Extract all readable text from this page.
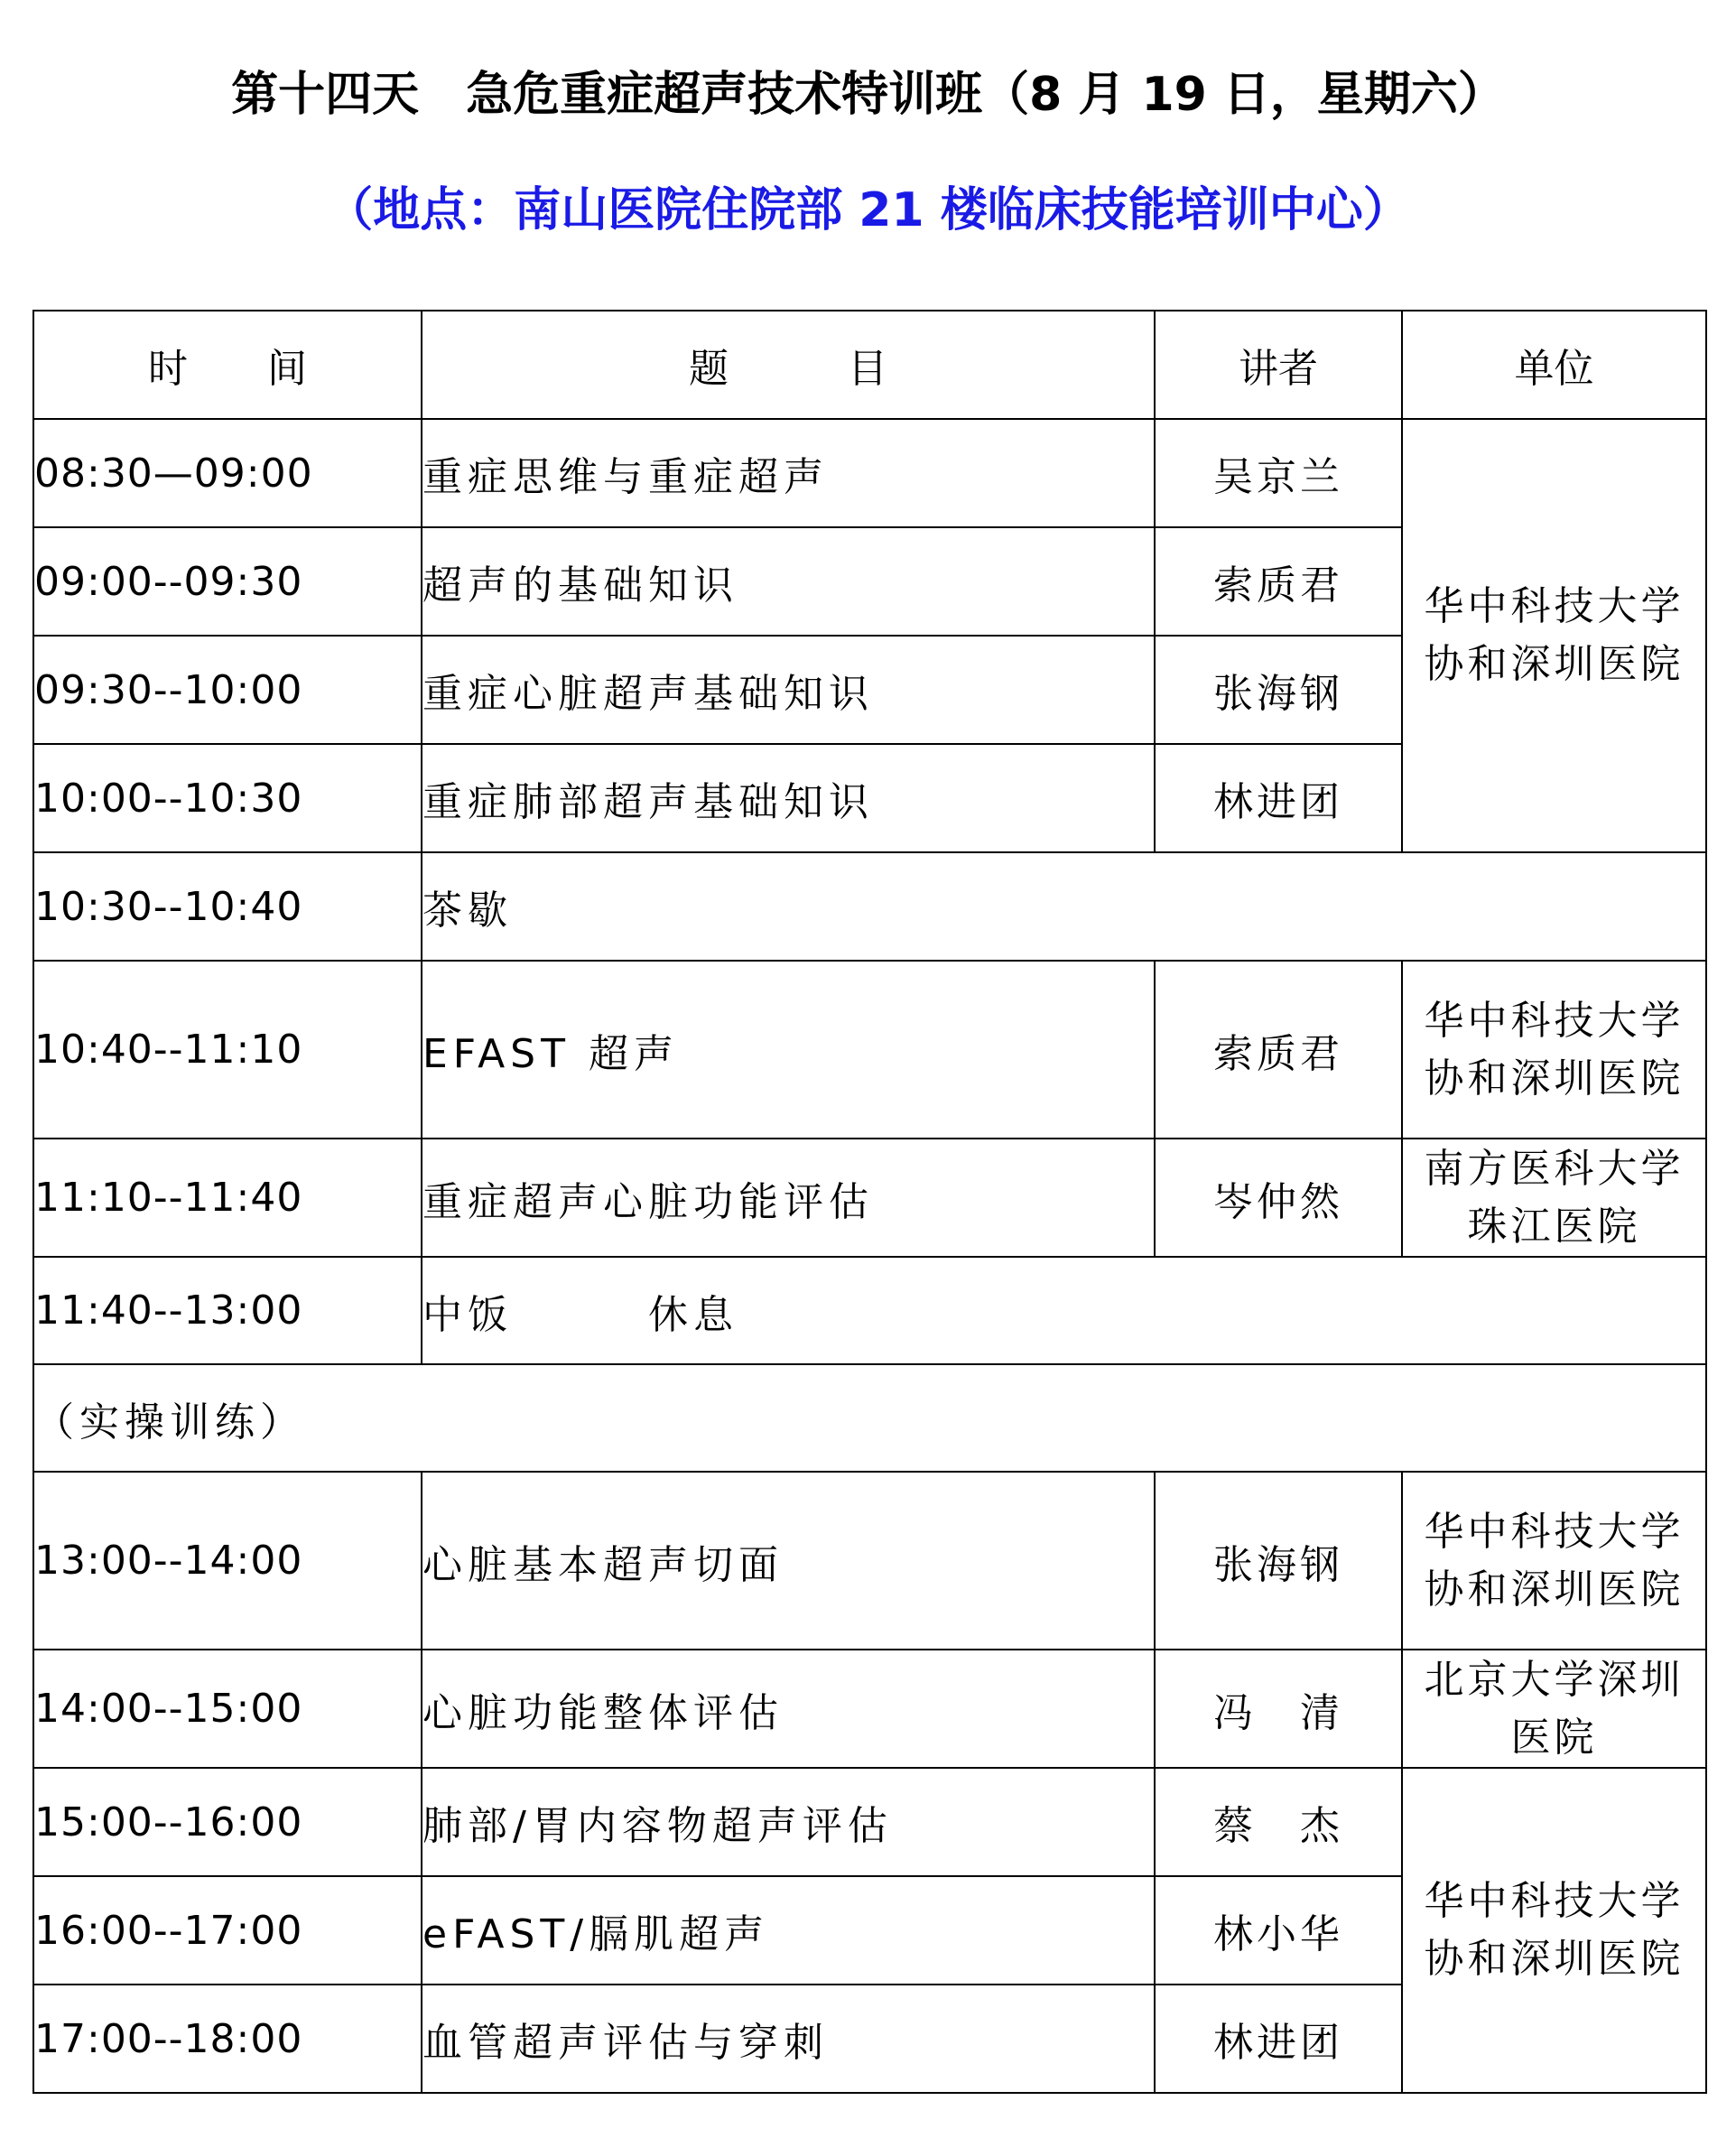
第十四天　急危重症超声技术特训班（8 月 19 日，星期六）
（地点：南山医院住院部 21 楼临床技能培训中心）
时　　间	题　　　目	讲者	单位
08:30—09:00	重症思维与重症超声	吴京兰	华中科技大学协和深圳医院
09:00--09:30	超声的基础知识	索质君	
09:30--10:00	重症心脏超声基础知识	张海钢	
10:00--10:30	重症肺部超声基础知识	林进团	
10:30--10:40	茶歇		
10:40--11:10	EFAST 超声	索质君	华中科技大学协和深圳医院
11:10--11:40	重症超声心脏功能评估	岑仲然	南方医科大学珠江医院
11:40--13:00	中饭　　　休息		
（实操训练）			
13:00--14:00	心脏基本超声切面	张海钢	华中科技大学协和深圳医院
14:00--15:00	心脏功能整体评估	冯　清	北京大学深圳医院
15:00--16:00	肺部/胃内容物超声评估	蔡　杰	华中科技大学协和深圳医院
16:00--17:00	eFAST/膈肌超声	林小华	
17:00--18:00	血管超声评估与穿刺	林进团	
